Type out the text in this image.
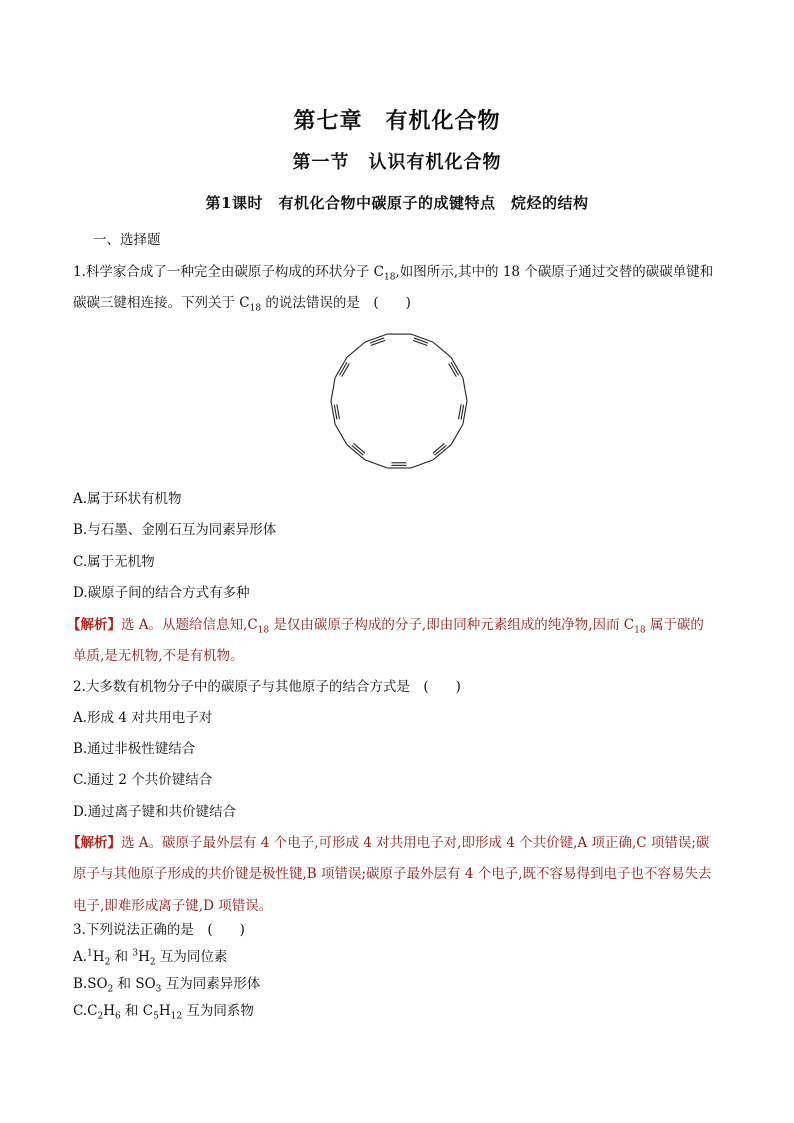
第七章　有机化合物
第一节　认识有机化合物
第1课时　有机化合物中碳原子的成键特点　烷烃的结构
一、选择题
1.科学家合成了一种完全由碳原子构成的环状分子 $C_{18}$,如图所示,其中的 18 个碳原子通过交替的碳碳单键和
碳碳三键相连接。下列关于 $C_{18}$ 的说法错误的是　(　　)
A.属于环状有机物
B.与石墨、金刚石互为同素异形体
C.属于无机物
D.碳原子间的结合方式有多种
【解析】选 A。从题给信息知$,C_{18}$ 是仅由碳原子构成的分子,即由同种元素组成的纯净物,因而 $C_{18}$ 属于碳的
单质,是无机物,不是有机物。
2.大多数有机物分子中的碳原子与其他原子的结合方式是　(　　)
A.形成 4 对共用电子对
B.通过非极性键结合
C.通过 2 个共价键结合
D.通过离子键和共价键结合
【解析】选 A。碳原子最外层有 4 个电子,可形成 4 对共用电子对,即形成 4 个共价键,A 项正确,C 项错误;碳
原子与其他原子形成的共价键是极性键,B 项错误;碳原子最外层有 4 个电子,既不容易得到电子也不容易失去
电子,即难形成离子键,D 项错误。
3.下列说法正确的是　(　　)
$A.^1H_2$ 和 $^3H_2$ 互为同位素
$B.SO_2$ 和 $SO_3$ 互为同素异形体
$C.C_2H_6$ 和 $C_5H_{12}$ 互为同系物
